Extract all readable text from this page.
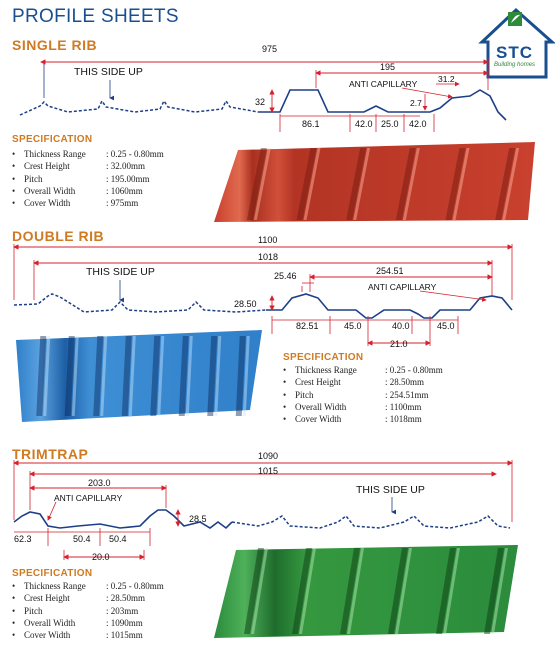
PROFILE SHEETS
STC
Building homes
SINGLE RIB
DOUBLE RIB
TRIMTRAP
THIS SIDE UP
975
195
ANTI CAPILLARY 31.2
32	2.7
86.1	42.0 25.0 42.0
SPECIFICATION
• Thickness Range	: 0.25 - 0.80mm
• Crest Height	: 32.00mm
• Pitch	: 195.00mm
• Overall Width	: 1060mm
• Cover Width	: 975mm
1100
1018
THIS SIDE UP	25.46	254.51
ANTI CAPILLARY
28.50
82.51	45.0	40.0	45.0
21.0
SPECIFICATION
• Thickness Range	: 0.25 - 0.80mm
• Crest Height	: 28.50mm
• Pitch	: 254.51mm
• Overall Width	: 1100mm
• Cover Width	: 1018mm
1090
1015
203.0
ANTI CAPILLARY
THIS SIDE UP
28.5
62.3	50.4 50.4
20.0
SPECIFICATION
• Thickness Range	: 0.25 - 0.80mm
• Crest Height	: 28.50mm
• Pitch	: 203mm
• Overall Width	: 1090mm
• Cover Width	: 1015mm
